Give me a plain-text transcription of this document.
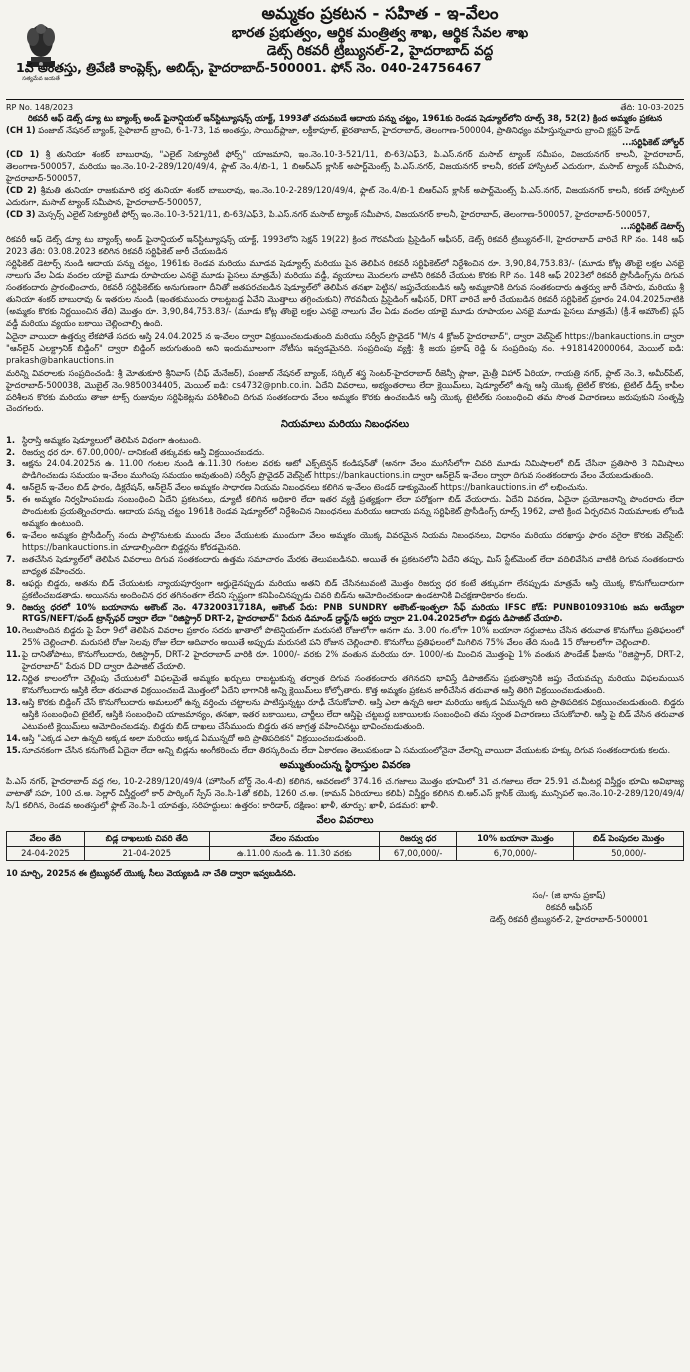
సత్యమేవ జయతే
అమ్మకం ప్రకటన - సహిత - ఇ-వేలం
భారత ప్రభుత్వం, ఆర్థిక మంత్రిత్వ శాఖ, ఆర్థిక సేవల శాఖ
డెట్స్ రికవరీ ట్రిబ్యునల్-2, హైదరాబాద్ వద్ద
1వ అంతస్తు, త్రివేణి కాంప్లెక్స్, అబిడ్స్, హైదరాబాద్-500001. ఫోన్ నెం. 040-24756467
RP No. 148/2023	తేది: 10-03-2025
రికవరీ ఆఫ్ డెట్స్ డ్యూ టు బ్యాంక్స్ అండ్ ఫైనాన్షియల్ ఇన్‌స్టిట్యూషన్స్ యాక్ట్, 1993తో చదువబడే ఆదాయ పన్ను చట్టం, 1961కు రెండవ షెడ్యూల్‌లోని రూల్స్ 38, 52(2) క్రింద అమ్మకం ప్రకటన
(CH 1) పంజాబ్ నేషనల్ బ్యాంక్, సైఫాబాద్ బ్రాంచి, 6-1-73, 1వ అంతస్తు, సాయిద్‌ప్లాజా, లక్డీకాపూల్, ఖైరతాబాద్, హైదరాబాద్, తెలంగాణ-500004, ప్రాతినిధ్యం వహిస్తున్నవారు బ్రాంచి క్లస్టర్ హెడ్
...సర్టిఫికెట్ హోల్డర్
(CD 1) శ్రీ తునియా శంకర్ బాబురావు, "ఎలైట్ సెక్యూరిటీ ఫోర్స్" యాజమాని, ఇం.నెం.10-3-521/11, బి-63/ఎఫ్3, పి.ఎస్.నగర్ మసాబ్ ట్యాంక్ సమీపం, విజయనగర్ కాలనీ, హైదరాబాద్, తెలంగాణ-500057, మరియు ఇం.నెం.10-2-289/120/49/4, ఫ్లాట్ నెం.4/బి-1, 1 బిఆర్ఎస్ క్లాసిక్ అపార్ట్‌మెంట్స్ పి.ఎస్.నగర్, విజయనగర్ కాలనీ, కరణ్ హాస్పిటల్ ఎదురుగా, మసాబ్ ట్యాంక్ సమీపాన, హైదరాబాద్-500057,
(CD 2) శ్రీమతి తునియా రాజకుమారి భర్త తునియా శంకర్ బాబురావు, ఇం.నెం.10-2-289/120/49/4, ఫ్లాట్ నెం.4/బి-1 బిఆర్ఎస్ క్లాసిక్ అపార్ట్‌మెంట్స్ పి.ఎస్.నగర్, విజయనగర్ కాలనీ, కరణ్ హాస్పిటల్ ఎదురుగా, మసాబ్ ట్యాంక్ సమీపాన, హైదరాబాద్-500057,
(CD 3) మెస్సర్స్ ఎలైట్ సెక్యూరిటీ ఫోర్స్ ఇం.నెం.10-3-521/11, బి-63/ఎఫ్3, పి.ఎస్.నగర్ మసాబ్ ట్యాంక్ సమీపాన, విజయనగర్ కాలనీ, హైదరాబాద్, తెలంగాణ-500057, హైదరాబాద్-500057,
...సర్టిఫికెట్ డెటార్స్

రికవరీ ఆఫ్ డెట్స్ డ్యూ టు బ్యాంక్స్ అండ్ ఫైనాన్షియల్ ఇన్‌స్టిట్యూషన్స్ యాక్ట్, 1993లోని సెక్షన్ 19(22) క్రింద గౌరవనీయ ప్రిసైడింగ్ ఆఫీసర్, డెట్స్ రికవరీ ట్రిబ్యునల్-II, హైదరాబాద్ వారిచే RP నం. 148 ఆఫ్ 2023 తేది: 03.08.2023 కలిగిన రికవరీ సర్టిఫికెట్ జారీ చేయబడిన

సర్టిఫికెట్ డెటార్స్ నుండి ఆదాయ పన్ను చట్టం, 1961కు రెండవ మరియు మూడవ షెడ్యూల్స్ మరియు పైన తెలిపిన రికవరీ సర్టిఫికెట్‌లో నిర్దేశించిన రూ. 3,90,84,753.83/- (మూడు కోట్ల తొంభై లక్షల ఎనభై నాలుగు వేల ఏడు వందల యాభై మూడు రూపాయల ఎనభై మూడు పైసలు మాత్రమే) మరియు వడ్డీ, వ్యయాలు మొదలగు వాటిని రికవరీ చేయుట కొరకు RP నం. 148 ఆఫ్ 2023లో రికవరీ ప్రొసీడింగ్స్‌ను దిగువ సంతకందారు ప్రారంభించారు, రికవరీ సర్టిఫికెట్‌కు అనుగుణంగా దీనితో జతపరచబడిన షెడ్యూల్‌లో తెలిపిన తనఖా పెట్టిన/ జప్తుచేయబడిన ఆస్తి అమ్మకానికి దిగువ సంతకందారు ఉత్తర్వు జారీ చేసారు, మరియు శ్రీ తునియా శంకర్ బాబురావు & ఇతరుల నుండి (ఇంతకుముందు రాబట్టబడ్డ ఏవేని మొత్తాలు తగ్గించుకుని) గౌరవనీయ ప్రిసైడింగ్ ఆఫీసర్, DRT వారిచే జారీ చేయబడిన రికవరీ సర్టిఫికెట్ ప్రకారం 24.04.2025నాటికి (అమ్మకం కొరకు నిర్ణయించిన తేది) మొత్తం రూ. 3,90,84,753.83/- (మూడు కోట్ల తొంభై లక్షల ఎనభై నాలుగు వేల ఏడు వందల యాభై మూడు రూపాయల ఎనభై మూడు పైసలు మాత్రమే) (క్రీ.శే అమౌంట్) ప్లస్ వడ్డీ మరియు వ్యయం బకాయి చెల్లించాల్సి ఉంది.

ఏదైనా వాయిదా ఉత్తర్వు లేకపోతే సదరు ఆస్తి 24.04.2025 న ఇ-వేలం ద్వారా విక్రయించబడుతుంది మరియు సర్వీస్ ప్రొవైడర్ "M/s 4 క్లోజర్ హైదరాబాద్", ద్వారా వెబ్‌సైట్ https://bankauctions.in ద్వారా "ఆన్‌లైన్ ఎలక్ట్రానిక్ బిడ్డింగ్" ద్వారా బిడ్డింగ్ జరుగుతుంది అని ఇందుమూలంగా నోటీసు ఇవ్వడమైనది. సంప్రదింపు వ్యక్తి: శ్రీ జయ ప్రకాష్ రెడ్డి & సంప్రదింపు నం. +918142000064, మెయిల్ ఐడి: prakash@bankauctions.in

మరిన్ని వివరాలకు సంప్రదించండి: శ్రీ మోతుకూరి శ్రీనివాస్ (చీఫ్ మేనేజర్), పంజాబ్ నేషనల్ బ్యాంక్, సర్కిల్ శస్త్ర సెంటర్-హైదరాబాద్ రీజెన్సీ ప్లాజా, మైత్రీ విహార్ ఏరియా, గాయత్రి నగర్, ఫ్లాట్ నెం.3, అమీర్‌పేట్, హైదరాబాద్-500038, మొబైల్ నెం.9850034405, మెయిల్ ఐడి: cs4732@pnb.co.in. ఏదేని వివరాలు, అభ్యంతరాలు లేదా క్లెయిమ్‌లు, షెడ్యూల్‌లో ఉన్న ఆస్తి యొక్క టైటిల్ కొరకు, టైటిల్ డీడ్స్ కాపీల పరిశీలన కొరకు మరియు తాజా టాక్స్ రుజువుల సర్టిఫికెట్లను పరిశీలించి దిగువ సంతకందారు వేలం అమ్మకం కొరకు ఉంచబడిన ఆస్తి యొక్క టైటిల్‌కు సంబంధించి తమ సొంత విచారణలు జరుపుకుని సంతృప్తి చెందగలరు.

నియమాలు మరియు నిబంధనలు
1. స్థిరాస్తి అమ్మకం షెడ్యూలులో తెలిపిన విధంగా ఉంటుంది.
2. రిజర్వు ధర రూ. 67.00,000/- దానికంటే తక్కువకు ఆస్తి విక్రయించబడదు.
3. ఆక్షను 24.04.2025న ఉ. 11.00 గంటల నుండి ఉ.11.30 గంటల వరకు ఆటో ఎక్స్‌టెన్షన్ కండిషన్‌తో (అనగా వేలం ముగిసేలోగా చివరి మూడు నిమిషాలలో బిడ్ చేసినా ప్రతిసారి 3 నిమిషాలు పొడిగించబడు సమయం ఇ-వేలం ముగింపు సమయం అవుతుంది) సర్వీస్ ప్రొవైడర్ వెబ్‌సైట్ https://bankauctions.in ద్వారా ఆన్‌లైన్ ఇ-వేలం ద్వారా దిగువ సంతకందారు వేలం వేయబడుతుంది.
4. ఆన్‌లైన్ ఇ-వేలం బిడ్ ఫారం, డిక్లరేషన్, ఆన్‌లైన్ వేలం అమ్మకం సాధారణ నియమ నిబంధనలు కలిగిన ఇ-వేలం టెండర్ డాక్యుమెంట్ https://bankauctions.in లో లభించును.
5. ఈ అమ్మకం నిర్వహింపబడు సంబంధించి ఏదేని ప్రకటనలు, డ్యూటీ కలిగిన అధికారి లేదా ఇతర వ్యక్తి ప్రత్యక్షంగా లేదా పరోక్షంగా బిడ్ వేయరాదు. ఏదేని వివరణ, ఏదైనా ప్రయోజనాన్ని పొందరాదు లేదా పొందుటకు ప్రయత్నించరాదు. ఆదాయ పన్ను చట్టం 1961కి రెండవ షెడ్యూల్‌లో నిర్దేశించిన నిబంధనలు మరియు ఆదాయ పన్ను సర్టిఫికెట్ ప్రొసీడింగ్స్ రూల్స్ 1962, వాటి క్రింద ఏర్పరచిన నియమాలకు లోబడి అమ్మకం ఉంటుంది.
6. ఇ-వేలం అమ్మకం ప్రొసీడింగ్స్‌ నందు పాల్గొనుటకు ముందు వేలం వేయుటకు ముందుగా వేలం అమ్మకం యొక్క వివరమైన నియమ నిబంధనలు, విధానం మరియు దరఖాస్తు ఫారం వగైరా కొరకు వెబ్‌సైట్: https://bankauctions.in చూడాల్సిందిగా బిడ్డర్లను కోరడమైనది.
7. జతచేసిన షెడ్యూల్‌లో తెలిపిన వివరాలు దిగువ సంతకందారు ఉత్తమ సమాచారం మేరకు తెలుపబడినవి. అయితే ఈ ప్రకటనలోని ఏదేని తప్పు, మిస్ స్టేట్‌మెంట్ లేదా వదిలివేసిన వాటికి దిగువ సంతకందారు బాధ్యత వహించరు.
8. ఆఫర్లు బిడ్డరు, అతను బిడ్ చేయుటకు న్యాయపూర్వంగా అర్హుడైనప్పుడు మరియు అతని బిడ్ చేసినటువంటి మొత్తం రిజర్వు ధర కంటే తక్కువగా లేనప్పుడు మాత్రమే ఆస్తి యొక్క కొనుగోలుదారుగా ప్రకటించబడతాడు. అయినను అందించిన ధర తగినంతగా లేదని స్పష్టంగా కనిపించినప్పుడు చివరి బిడ్‌ను ఆమోదించకుండా ఉండటానికి విచక్షణాధికారం కలదు.
9. రిజర్వు ధరలో 10% బయానాను అకౌంట్ నెం. 47320031718A, అకౌంట్ పేరు: PNB SUNDRY అకౌంట్-ఇంత్ఫలా సేఫ్ మరియు IFSC కోడ్: PUNB0109310కు జమ అయ్యేలా RTGS/NEFT/ఫండ్ ట్రాన్స్‌ఫర్ ద్వారా లేదా "రిజిస్ట్రార్ DRT-2, హైదరాబాద్" పేరున డిమాండ్ డ్రాఫ్ట్/పే ఆర్డరు ద్వారా 21.04.2025లోగా బిడ్డరు డిపాజిట్ చేయాలి.
10. గెలుపొందిన బిడ్డరు పై పేరా 9లో తెలిపిన వివరాల ప్రకారం సదరు ఖాతాలో పొటెన్షియల్‌గా మరుసటి రోజులోగా అనగా మ. 3.00 గం.లోగా 10% బయానా సర్దుబాటు చేసిన తరువాత కొనుగోలు ప్రతిఫలంలో 25% చెల్లించాలి. మరుసటి రోజు సెలవు రోజు లేదా ఆదివారం అయితే అప్పుడు మరుసటి పని రోజున చెల్లించాలి. కొనుగోలు ప్రతిఫలంలో మిగిలిన 75% వేలం తేది నుండి 15 రోజులలోగా చెల్లించాలి.
11. పై దానితోపాటు, కొనుగోలుదారు, రిజిస్ట్రార్, DRT-2 హైదరాబాద్ వారికి రూ. 1000/- వరకు 2% వంతున మరియు రూ. 1000/-కు మించిన మొత్తంపై 1% వంతున పౌండేజ్ ఫీజును "రిజిస్ట్రార్, DRT-2, హైదరాబాద్" పేరున DD ద్వారా డిపాజిట్ చేయాలి.
12. నిర్ణిత కాలంలోగా చెల్లింపు చేయుటలో విఫలమైతే అమ్మకం ఖర్చులు రాబట్టుకున్న తర్వాత దిగువ సంతకందారు తగినదని భావిస్తే డిపాజిట్‌ను ప్రభుత్వానికి జప్తు చేయవచ్చు మరియు విఫలమయిన కొనుగోలుదారు ఆస్తికి లేదా తరువాత విక్రయించబడే మొత్తంలో ఏదేని భాగానికి అన్ని క్లెయిమ్‌లు కోల్పోతారు. కొత్త అమ్మకం ప్రకటన జారీచేసిన తరువాత ఆస్తి తిరిగి విక్రయించబడుతుంది.
13. ఆస్తి కొరకు బిడ్డింగ్ చేసే కొనుగోలుదారు అమలులో ఉన్న వర్తించు చట్టాలను పాటిస్తున్నట్టు రూఢీ చేసుకోవాలి. ఆస్తి ఎలా ఉన్నది అలా మరియు అక్కడ ఏమున్నది అది ప్రాతిపదికన విక్రయించబడుతుంది. బిడ్డరు ఆస్తికి సంబంధించి టైటిల్, ఆస్తికి సంబంధించి యాజమాన్యం, తనఖా, ఇతర బకాయిలు, చార్జీలు లేదా ఆస్తిపై చట్టబద్ధ బకాయిలకు సంబంధించి తమ స్వంత విచారణలు చేసుకోవాలి. ఆస్తి పై బిడ్ వేసిన తరువాత ఎటువంటి క్లెయిమ్‌లు ఆమోదించబడవు. బిడ్డరు బిడ్ దాఖలు చేసేముందు బిడ్డరు తన జాగ్రత్త వహించినట్టు భావించబడుతుంది.
14. ఆస్తి "ఎక్కడ ఎలా ఉన్నది అక్కడ అలా మరియు అక్కడ ఏమున్నదో అది ప్రాతిపదికన" విక్రయించబడుతుంది.
15. సూచనకంగా చేసిన కనుగొంటే ఏదైనా లేదా అన్ని బిడ్లను అంగీకరించు లేదా తిరస్కరించు లేదా ఏకారణం తెలుపకుండా ఏ సమయంలోనైనా వేలాన్ని వాయిదా వేయుటకు హక్కు దిగువ సంతకందారుకు కలదు.
అమ్ముతుంచున్న స్థిరాస్తుల వివరణ

పి.ఎస్ నగర్, హైదరాబాద్ వద్ద గల, 10-2-289/120/49/4 (హౌసింగ్ బోర్డ్ నెం.4-బి) కలిగిన, ఆవరణలో 374.16 చ.గజాలు మొత్తం భూమిలో 31 చ.గజాలు లేదా 25.91 చ.మీటర్ల విస్తీర్ణం భూమి అవిభాజ్య వాటాతో సహ, 100 చ.అ. సెల్లార్ విస్తీర్ణంలో కార్ పార్కింగ్ స్పేస్ నెం.సి-1తో కలిపి, 1260 చ.అ. (కామన్ ఏరియాలు కలిపి) విస్తీర్ణం కలిగిన బి.ఆర్.ఎస్ క్లాసిక్ యొక్క మున్సిపల్ ఇం.నెం.10-2-289/120/49/4/సి/1 కలిగిన, రెండవ అంతస్తులో ఫ్లాట్ నెం.సి-1 యావత్తు, సరిహద్దులు: ఉత్తరం: కారిడార్, దక్షిణం: ఖాళీ, తూర్పు: ఖాళీ, పడమర: ఖాళీ.

వేలం వివరాలు
వేలం తేది	బిడ్ల దాఖలుకు చివరి తేది	వేలం సమయం	రిజర్వు ధర	10% బయానా మొత్తం	బిడ్ పెంపుదల మొత్తం
24-04-2025	21-04-2025	ఉ.11.00 నుండి ఉ. 11.30 వరకు	67,00,000/-	6,70,000/-	50,000/-
10 మార్చి, 2025న ఈ ట్రిబ్యునల్ యొక్క సీలు వెయ్యబడి నా చేతి ద్వారా ఇవ్వబడినది.
సం/- (జి భాను ప్రకాష్)
రికవరీ ఆఫీసర్
డెట్స్ రికవరీ ట్రిబ్యునల్-2, హైదరాబాద్-500001
